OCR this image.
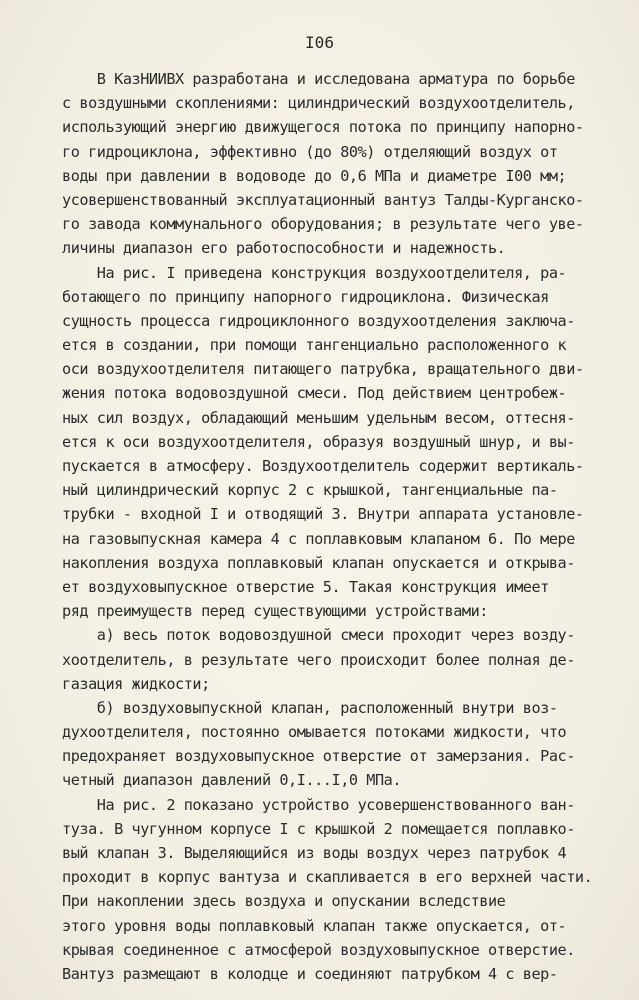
I06
В КазНИИВХ разработана и исследована арматура по борьбе
с воздушными скоплениями: цилиндрический воздухоотделитель,
использующий энергию движущегося потока по принципу напорно-
го гидроциклона, эффективно (до 80%) отделяющий воздух от
воды при давлении в водоводе до 0,6 МПа и диаметре I00 мм;
усовершенствованный эксплуатационный вантуз Талды-Курганско-
го завода коммунального оборудования; в результате чего уве-
личины диапазон его работоспособности и надежность.
На рис. I приведена конструкция воздухоотделителя, ра-
ботающего по принципу напорного гидроциклона. Физическая
сущность процесса гидроциклонного воздухоотделения заключа-
ется в создании, при помощи тангенциально расположенного к
оси воздухоотделителя питающего патрубка, вращательного дви-
жения потока водовоздушной смеси. Под действием центробеж-
ных сил воздух, обладающий меньшим удельным весом, оттесня-
ется к оси воздухоотделителя, образуя воздушный шнур, и вы-
пускается в атмосферу. Воздухоотделитель содержит вертикаль-
ный цилиндрический корпус 2 с крышкой, тангенциальные па-
трубки - входной I и отводящий 3. Внутри аппарата установле-
на газовыпускная камера 4 с поплавковым клапаном 6. По мере
накопления воздуха поплавковый клапан опускается и открыва-
ет воздуховыпускное отверстие 5. Такая конструкция имеет
ряд преимуществ перед существующими устройствами:
а) весь поток водовоздушной смеси проходит через возду-
хоотделитель, в результате чего происходит более полная де-
газация жидкости;
б) воздуховыпускной клапан, расположенный внутри воз-
духоотделителя, постоянно омывается потоками жидкости, что
предохраняет воздуховыпускное отверстие от замерзания. Рас-
четный диапазон давлений 0,I...I,0 МПа.
На рис. 2 показано устройство усовершенствованного ван-
туза. В чугунном корпусе I с крышкой 2 помещается поплавко-
вый клапан 3. Выделяющийся из воды воздух через патрубок 4
проходит в корпус вантуза и скапливается в его верхней части.
При накоплении здесь воздуха и опускании вследствие
этого уровня воды поплавковый клапан также опускается, от-
крывая соединенное с атмосферой воздуховыпускное отверстие.
Вантуз размещают в колодце и соединяют патрубком 4 с вер-
